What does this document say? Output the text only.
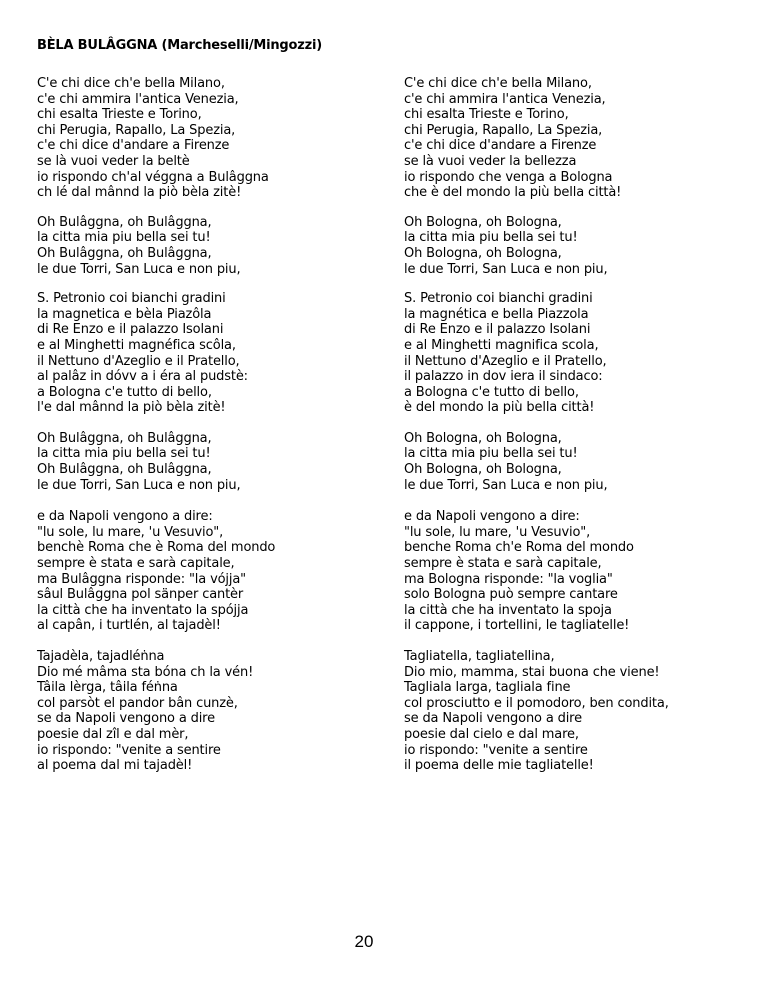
BÈLA BULÂGGNA (Marcheselli/Mingozzi)

C'e chi dice ch'e bella Milano,
c'e chi ammira l'antica Venezia,
chi esalta Trieste e Torino,
chi Perugia, Rapallo, La Spezia,
c'e chi dice d'andare a Firenze
se là vuoi veder la beltè
io rispondo ch'al véggna a Bulâggna
ch lé dal mânnd la piò bèla zitè!

Oh Bulâggna, oh Bulâggna,
la citta mia piu bella sei tu!
Oh Bulâggna, oh Bulâggna,
le due Torri, San Luca e non piu,

S. Petronio coi bianchi gradini
la magnetica e bèla Piazôla
di Re Enzo e il palazzo Isolani
e al Minghetti magnéfica scôla,
il Nettuno d'Azeglio e il Pratello,
al palâz in dóvv a i éra al pudstè:
a Bologna c'e tutto di bello,
l'e dal mânnd la piò bèla zitè!

Oh Bulâggna, oh Bulâggna,
la citta mia piu bella sei tu!
Oh Bulâggna, oh Bulâggna,
le due Torri, San Luca e non piu,

e da Napoli vengono a dire:
"lu sole, lu mare, 'u Vesuvio",
benchè Roma che è Roma del mondo
sempre è stata e sarà capitale,
ma Bulâggna risponde: "la vójja"
sâul Bulâggna pol sänper cantèr
la città che ha inventato la spójja
al capân, i turtlén, al tajadèl!

Tajadèla, tajadléṅna
Dio mé mâma sta bóna ch la vén!
Tâila lèrga, tâila féṅna
col parsòt el pandor bân cunzè,
se da Napoli vengono a dire
poesie dal zîl e dal mèr,
io rispondo: "venite a sentire
al poema dal mi tajadèl!

C'e chi dice ch'e bella Milano,
c'e chi ammira l'antica Venezia,
chi esalta Trieste e Torino,
chi Perugia, Rapallo, La Spezia,
c'e chi dice d'andare a Firenze
se là vuoi veder la bellezza
io rispondo che venga a Bologna
che è del mondo la più bella città!

Oh Bologna, oh Bologna,
la citta mia piu bella sei tu!
Oh Bologna, oh Bologna,
le due Torri, San Luca e non piu,

S. Petronio coi bianchi gradini
la magnética e bella Piazzola
di Re Enzo e il palazzo Isolani
e al Minghetti magnifica scola,
il Nettuno d'Azeglio e il Pratello,
il palazzo in dov iera il sindaco:
a Bologna c'e tutto di bello,
è del mondo la più bella città!

Oh Bologna, oh Bologna,
la citta mia piu bella sei tu!
Oh Bologna, oh Bologna,
le due Torri, San Luca e non piu,

e da Napoli vengono a dire:
"lu sole, lu mare, 'u Vesuvio",
benche Roma ch'e Roma del mondo
sempre è stata e sarà capitale,
ma Bologna risponde: "la voglia"
solo Bologna può sempre cantare
la città che ha inventato la spoja
il cappone, i tortellini, le tagliatelle!

Tagliatella, tagliatellina,
Dio mio, mamma, stai buona che viene!
Tagliala larga, tagliala fine
col prosciutto e il pomodoro, ben condita,
se da Napoli vengono a dire
poesie dal cielo e dal mare,
io rispondo: "venite a sentire
il poema delle mie tagliatelle!

20
